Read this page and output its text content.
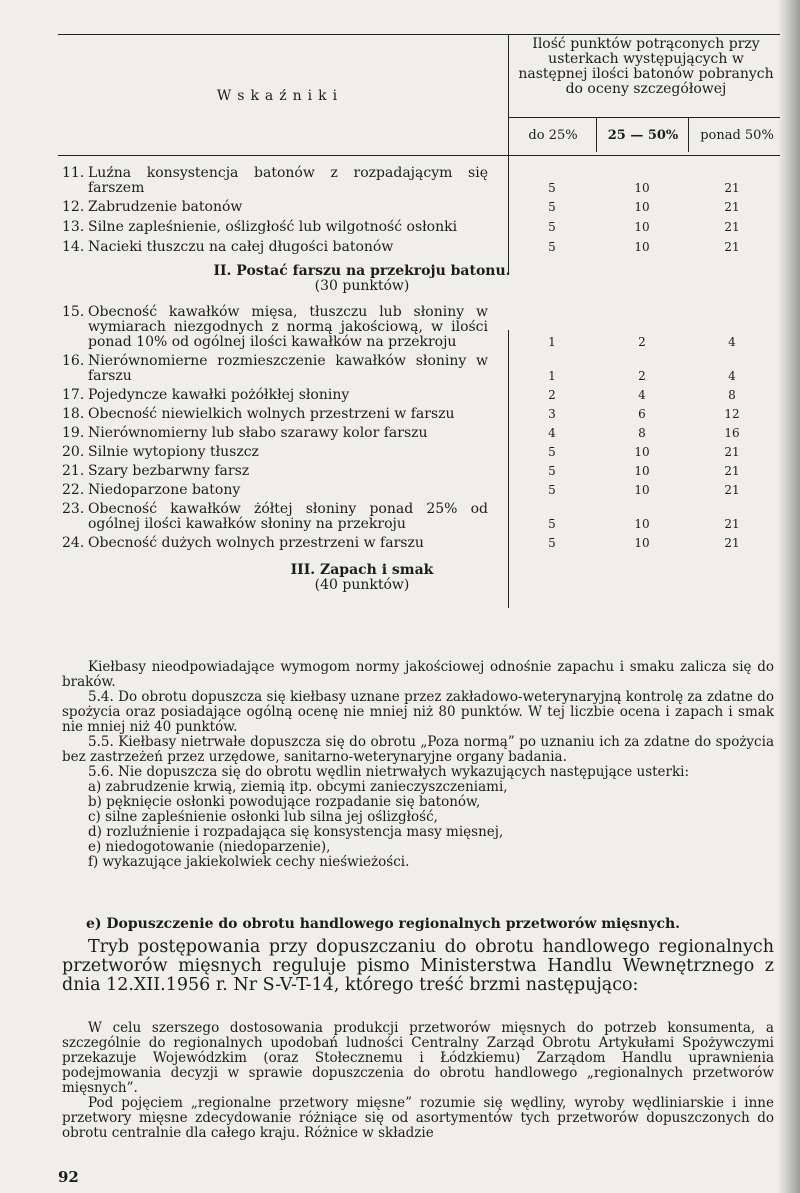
Wskaźniki
Ilość punktów potrąconych przy usterkach występujących w następnej ilości batonów pobranych do oceny szczegółowej
do 25%	25 — 50%	ponad 50%
11. Luźna konsystencja batonów z rozpadającym się farszem	5	10	21
12. Zabrudzenie batonów	5	10	21
13. Silne zapleśnienie, oślizgłość lub wilgotność osłonki	5	10	21
14. Nacieki tłuszczu na całej długości batonów	5	10	21
II. Postać farszu na przekroju batonu.
(30 punktów)
15. Obecność kawałków mięsa, tłuszczu lub słoniny w wymiarach niezgodnych z normą jakościową, w ilości ponad 10% od ogólnej ilości kawałków na przekroju	1	2	4
16. Nierównomierne rozmieszczenie kawałków słoniny w farszu	1	2	4
17. Pojedyncze kawałki pożółkłej słoniny	2	4	8
18. Obecność niewielkich wolnych przestrzeni w farszu	3	6	12
19. Nierównomierny lub słabo szarawy kolor farszu	4	8	16
20. Silnie wytopiony tłuszcz	5	10	21
21. Szary bezbarwny farsz	5	10	21
22. Niedoparzone batony	5	10	21
23. Obecność kawałków żółtej słoniny ponad 25% od ogólnej ilości kawałków słoniny na przekroju	5	10	21
24. Obecność dużych wolnych przestrzeni w farszu	5	10	21
III. Zapach i smak
(40 punktów)

Kiełbasy nieodpowiadające wymogom normy jakościowej odnośnie zapachu i smaku zalicza się do braków.

5.4. Do obrotu dopuszcza się kiełbasy uznane przez zakładowo-weterynaryjną kontrolę za zdatne do spożycia oraz posiadające ogólną ocenę nie mniej niż 80 punktów. W tej liczbie ocena i zapach i smak nie mniej niż 40 punktów.

5.5. Kiełbasy nietrwałe dopuszcza się do obrotu „Poza normą” po uznaniu ich za zdatne do spożycia bez zastrzeżeń przez urzędowe, sanitarno-weterynaryjne organy badania.

5.6. Nie dopuszcza się do obrotu wędlin nietrwałych wykazujących następujące usterki:

a) zabrudzenie krwią, ziemią itp. obcymi zanieczyszczeniami,
b) pęknięcie osłonki powodujące rozpadanie się batonów,
c) silne zapleśnienie osłonki lub silna jej oślizgłość,
d) rozluźnienie i rozpadająca się konsystencja masy mięsnej,
e) niedogotowanie (niedoparzenie),
f) wykazujące jakiekolwiek cechy nieświeżości.
e) Dopuszczenie do obrotu handlowego regionalnych przetworów mięsnych.

Tryb postępowania przy dopuszczaniu do obrotu handlowego regionalnych przetworów mięsnych reguluje pismo Ministerstwa Handlu Wewnętrznego z dnia 12.XII.1956 r. Nr S-V-T-14, którego treść brzmi następująco:

W celu szerszego dostosowania produkcji przetworów mięsnych do potrzeb konsumenta, a szczególnie do regionalnych upodobań ludności Centralny Zarząd Obrotu Artykułami Spożywczymi przekazuje Wojewódzkim (oraz Stołecznemu i Łódzkiemu) Zarządom Handlu uprawnienia podejmowania decyzji w sprawie dopuszczenia do obrotu handlowego „regionalnych przetworów mięsnych”.

Pod pojęciem „regionalne przetwory mięsne” rozumie się wędliny, wyroby wędliniarskie i inne przetwory mięsne zdecydowanie różniące się od asortymentów tych przetworów dopuszczonych do obrotu centralnie dla całego kraju. Różnice w składzie

92
